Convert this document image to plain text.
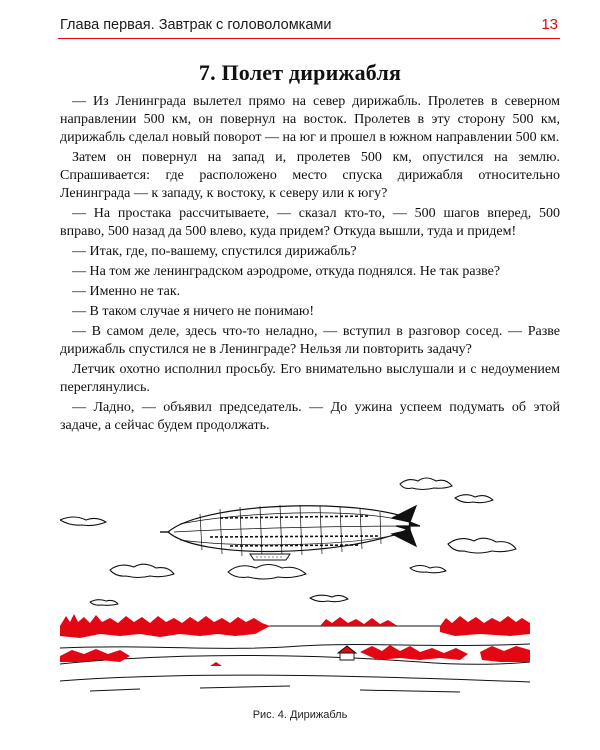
Глава первая. Завтрак с головоломками	13
7. Полет дирижабля

— Из Ленинграда вылетел прямо на север дирижабль. Пролетев в северном направлении 500 км, он повернул на восток. Пролетев в эту сторону 500 км, дирижабль сделал новый поворот — на юг и прошел в южном направлении 500 км.

Затем он повернул на запад и, пролетев 500 км, опустился на землю. Спрашивается: где расположено место спуска дирижабля относительно Ленинграда — к западу, к востоку, к северу или к югу?

— На простака рассчитываете, — сказал кто-то, — 500 шагов вперед, 500 вправо, 500 назад да 500 влево, куда придем? Откуда вышли, туда и придем!

— Итак, где, по-вашему, спустился дирижабль?

— На том же ленинградском аэродроме, откуда поднялся. Не так разве?

— Именно не так.

— В таком случае я ничего не понимаю!

— В самом деле, здесь что-то неладно, — вступил в разговор сосед. — Разве дирижабль спустился не в Ленинграде? Нельзя ли повторить задачу?

Летчик охотно исполнил просьбу. Его внимательно выслушали и с недоумением переглянулись.

— Ладно, — объявил председатель. — До ужина успеем подумать об этой задаче, а сейчас будем продолжать.

Рис. 4. Дирижабль
